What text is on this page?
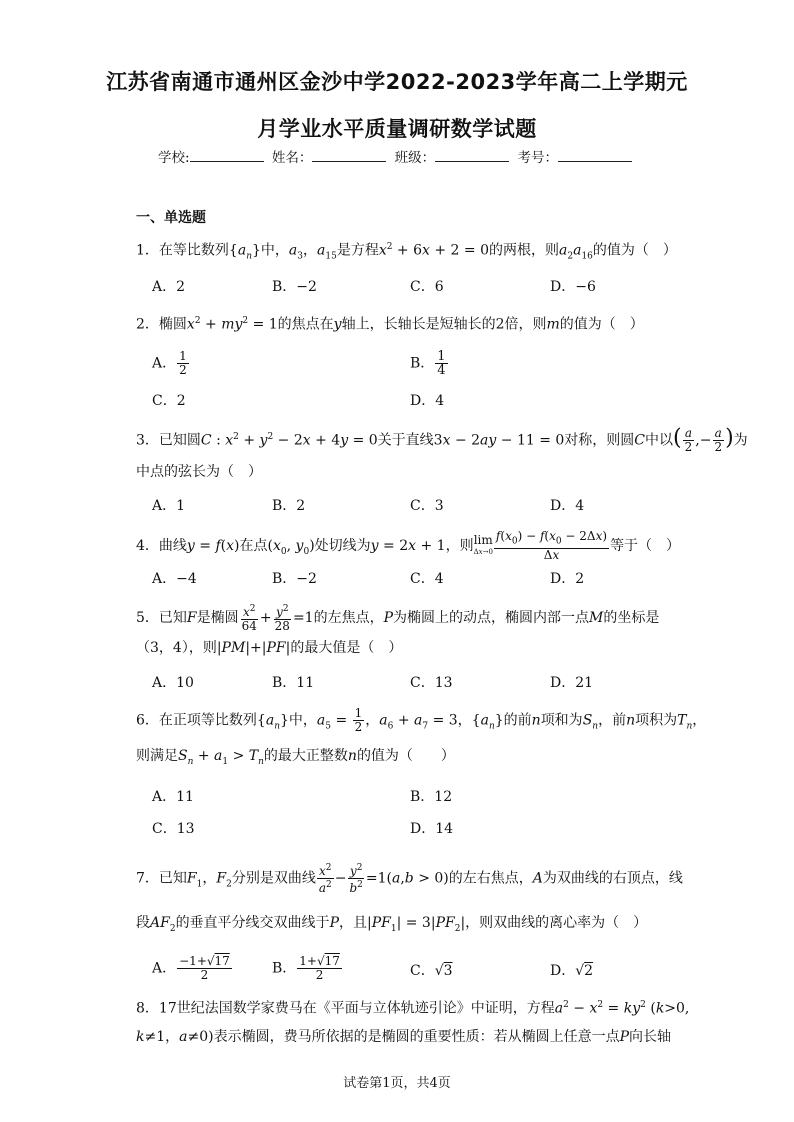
江苏省南通市通州区金沙中学2022-2023学年高二上学期元
月学业水平质量调研数学试题
学校:	姓名：	班级：	考号：
一、单选题
1．在等比数列$\{a_n\}$中，$a_3$，$a_{15}$是方程$x^2 + 6x + 2 = 0$的两根，则$a_2a_{16}$的值为（　）
A．2	B．−2	C．6	D．−6
2．椭圆$x^2 + my^2 = 1$的焦点在y轴上，长轴长是短轴长的2倍，则m的值为（　）
A． $\frac{1}{2}$	B． $\frac{1}{4}$
C．2	D．4
3．已知圆C : $x^2 + y^2 - 2x + 4y = 0$关于直线3x − 2ay − 11 = 0对称，则圆C中以( $\frac{a}{2}$ ,− $\frac{a}{2}$ )为
中点的弦长为（　）
A．1	B．2	C．3	D．4
4．曲线y = f(x)在点($x_0$, $y_0$)处切线为y = 2x + 1，则 lim
$\Delta x\to 0 \frac{f(x_0) - f(x_0 - 2\Delta x)}{\Delta x}$ 等于（　）
A．−4	B．−2	C．4	D．2
5．已知F是椭圆 $\frac{x^2}{64} + \frac{y^2}{28} =1$的左焦点，P为椭圆上的动点，椭圆内部一点M的坐标是
（3，4），则|PM|+|PF|的最大值是（　）
A．10	B．11	C．13	D．21
6．在正项等比数列$\{a_n\}$中，$a_5 = \frac{1}{2}$ ，$a_6 + a_7 = 3$，$\{a_n\}$的前n项和为$S_n$，前n项积为$T_n$，
则满足$S_n + a_1 > T_n$的最大正整数n的值为（　　）
A．11	B．12
C．13	D．14
7．已知$F_1$，$F_2$分别是双曲线 $\frac{x^2}{a^2} - \frac{y^2}{b^2} =1(a,b > 0)$的左右焦点，A为双曲线的右顶点，线
段$AF_2$的垂直平分线交双曲线于P，且$|PF_1| = 3|PF_2|$，则双曲线的离心率为（　）
A． $\frac{-1+√17}{2}$	B． $\frac{1+√17}{2}$	C．√3	D．√2
8．17世纪法国数学家费马在《平面与立体轨迹引论》中证明，方程$a^2 - x^2 = ky^2$ (k>0,
k≠1，a≠0)表示椭圆，费马所依据的是椭圆的重要性质：若从椭圆上任意一点P向长轴
试卷第1页，共4页
